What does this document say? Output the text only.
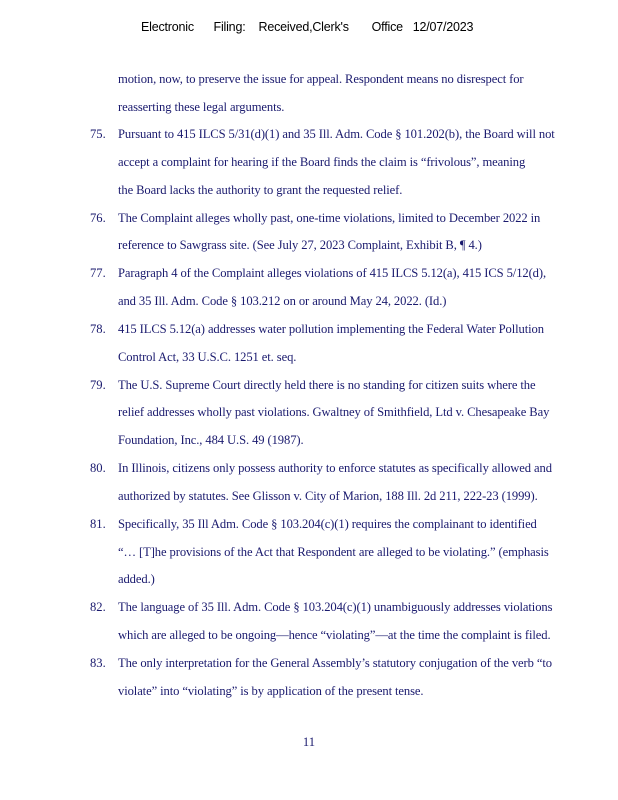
Electronic      Filing:    Received,Clerk's       Office   12/07/2023
motion, now, to preserve the issue for appeal. Respondent means no disrespect for
reasserting these legal arguments.
75. Pursuant to 415 ILCS 5/31(d)(1) and 35 Ill. Adm. Code § 101.202(b), the Board will not
accept a complaint for hearing if the Board finds the claim is “frivolous”, meaning
the Board lacks the authority to grant the requested relief.
76. The Complaint alleges wholly past, one-time violations, limited to December 2022 in
reference to Sawgrass site. (See July 27, 2023 Complaint, Exhibit B, ¶ 4.)
77. Paragraph 4 of the Complaint alleges violations of 415 ILCS 5.12(a), 415 ICS 5/12(d),
and 35 Ill. Adm. Code § 103.212 on or around May 24, 2022. (Id.)
78. 415 ILCS 5.12(a) addresses water pollution implementing the Federal Water Pollution
Control Act, 33 U.S.C. 1251 et. seq.
79. The U.S. Supreme Court directly held there is no standing for citizen suits where the
relief addresses wholly past violations. Gwaltney of Smithfield, Ltd v. Chesapeake Bay
Foundation, Inc., 484 U.S. 49 (1987).
80. In Illinois, citizens only possess authority to enforce statutes as specifically allowed and
authorized by statutes. See Glisson v. City of Marion, 188 Ill. 2d 211, 222-23 (1999).
81. Specifically, 35 Ill Adm. Code § 103.204(c)(1) requires the complainant to identified
“… [T]he provisions of the Act that Respondent are alleged to be violating.” (emphasis
added.)
82. The language of 35 Ill. Adm. Code § 103.204(c)(1) unambiguously addresses violations
which are alleged to be ongoing—hence “violating”—at the time the complaint is filed.
83. The only interpretation for the General Assembly’s statutory conjugation of the verb “to
violate” into “violating” is by application of the present tense.
11
